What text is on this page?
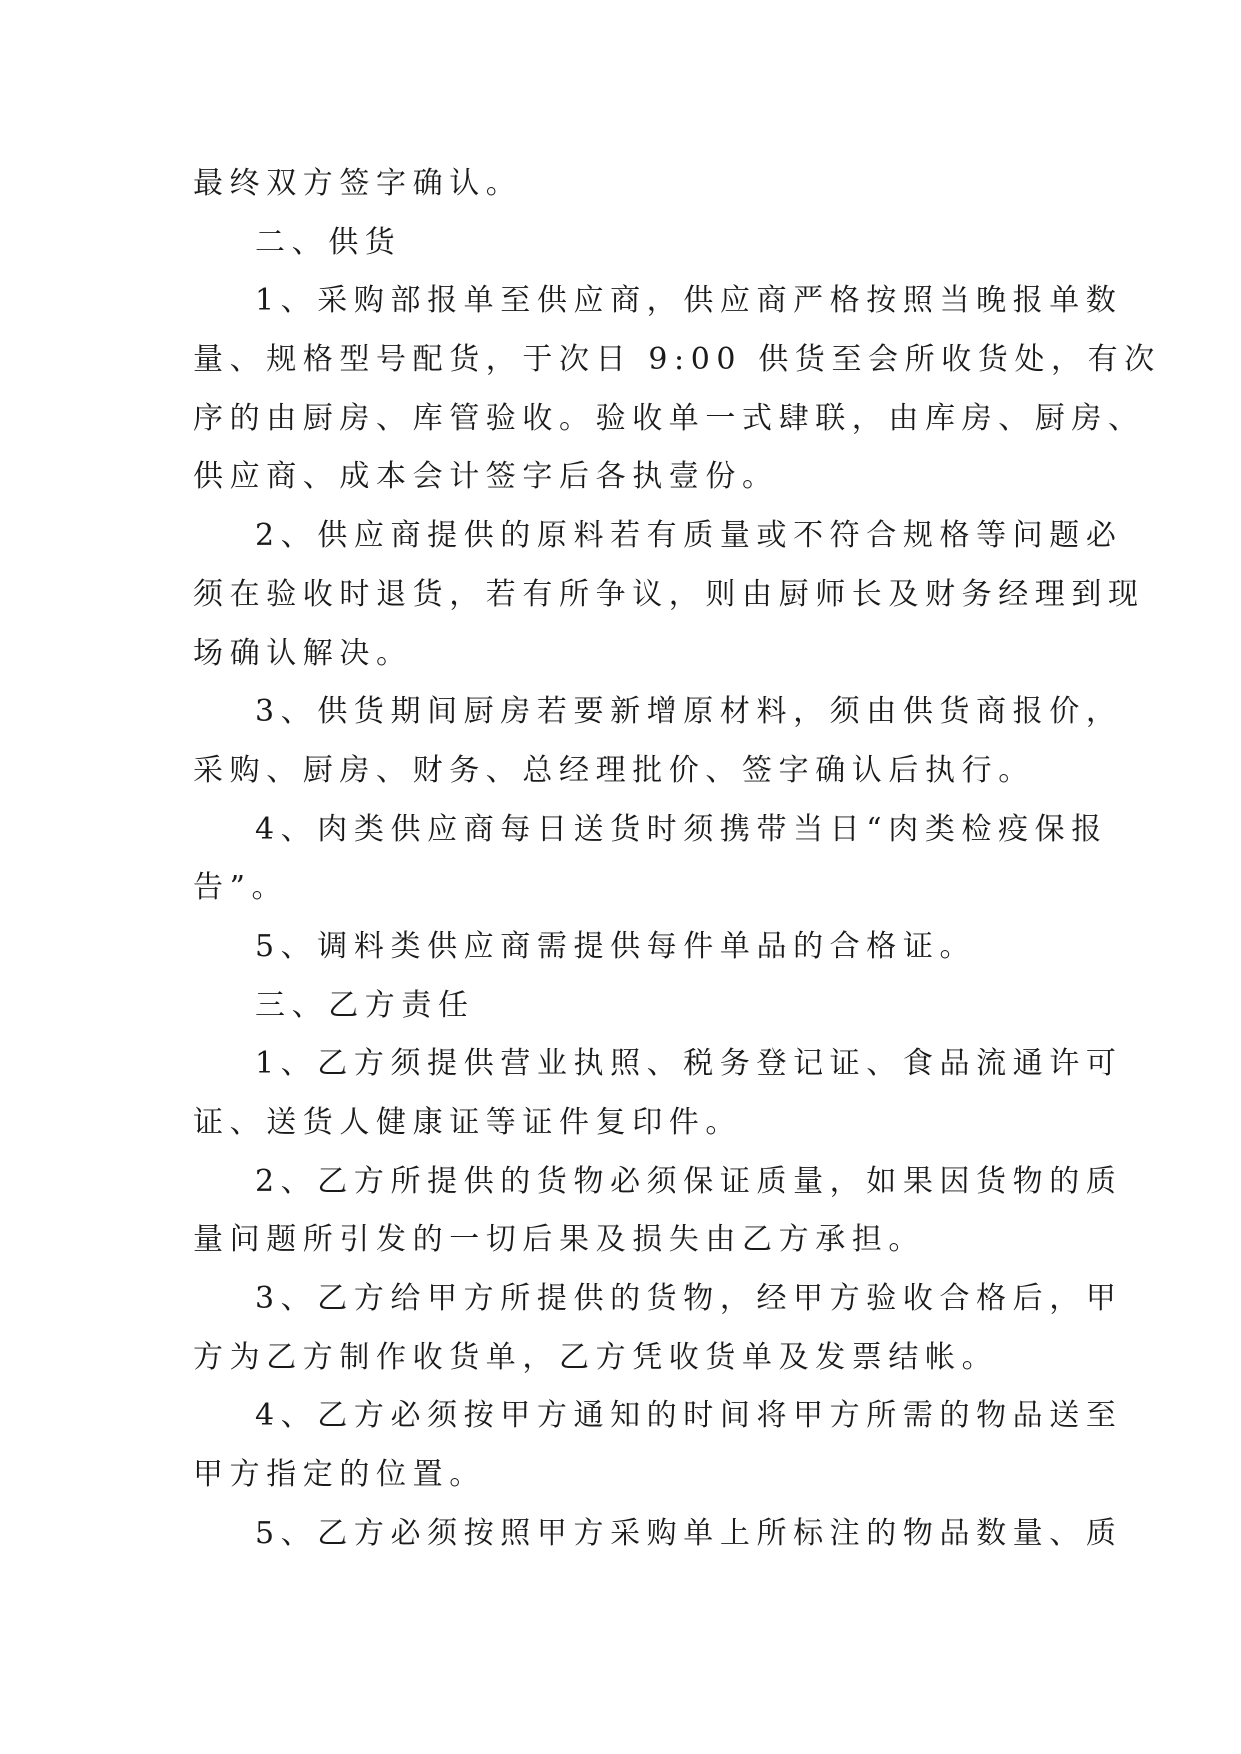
最终双方签字确认。
二、供货
1、采购部报单至供应商，供应商严格按照当晚报单数
量、规格型号配货，于次日 9:00 供货至会所收货处，有次
序的由厨房、库管验收。验收单一式肆联，由库房、厨房、
供应商、成本会计签字后各执壹份。
2、供应商提供的原料若有质量或不符合规格等问题必
须在验收时退货，若有所争议，则由厨师长及财务经理到现
场确认解决。
3、供货期间厨房若要新增原材料，须由供货商报价，
采购、厨房、财务、总经理批价、签字确认后执行。
4、肉类供应商每日送货时须携带当日“肉类检疫保报
告”。
5、调料类供应商需提供每件单品的合格证。
三、乙方责任
1、乙方须提供营业执照、税务登记证、食品流通许可
证、送货人健康证等证件复印件。
2、乙方所提供的货物必须保证质量，如果因货物的质
量问题所引发的一切后果及损失由乙方承担。
3、乙方给甲方所提供的货物，经甲方验收合格后，甲
方为乙方制作收货单，乙方凭收货单及发票结帐。
4、乙方必须按甲方通知的时间将甲方所需的物品送至
甲方指定的位置。
5、乙方必须按照甲方采购单上所标注的物品数量、质
